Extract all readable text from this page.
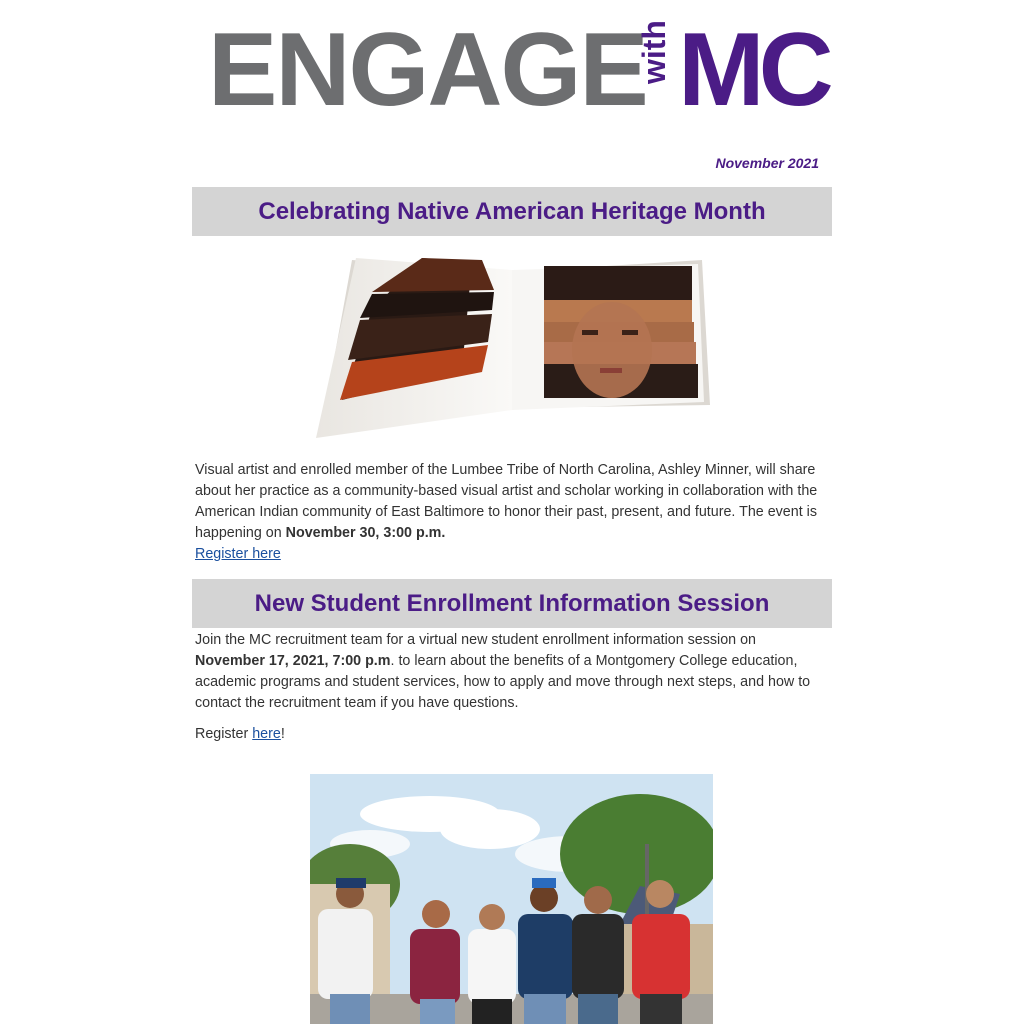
ENGAGE
with MC
November 2021
Celebrating Native American Heritage Month

Visual artist and enrolled member of the Lumbee Tribe of North Carolina, Ashley Minner, will share about her practice as a community-based visual artist and scholar working in collaboration with the American Indian community of East Baltimore to honor their past, present, and future. The event is happening on November 30, 3:00 p.m.

Register here
New Student Enrollment Information Session

Join the MC recruitment team for a virtual new student enrollment information session on November 17, 2021, 7:00 p.m. to learn about the benefits of a Montgomery College education, academic programs and student services, how to apply and move through next steps, and how to contact the recruitment team if you have questions.

Register here!
